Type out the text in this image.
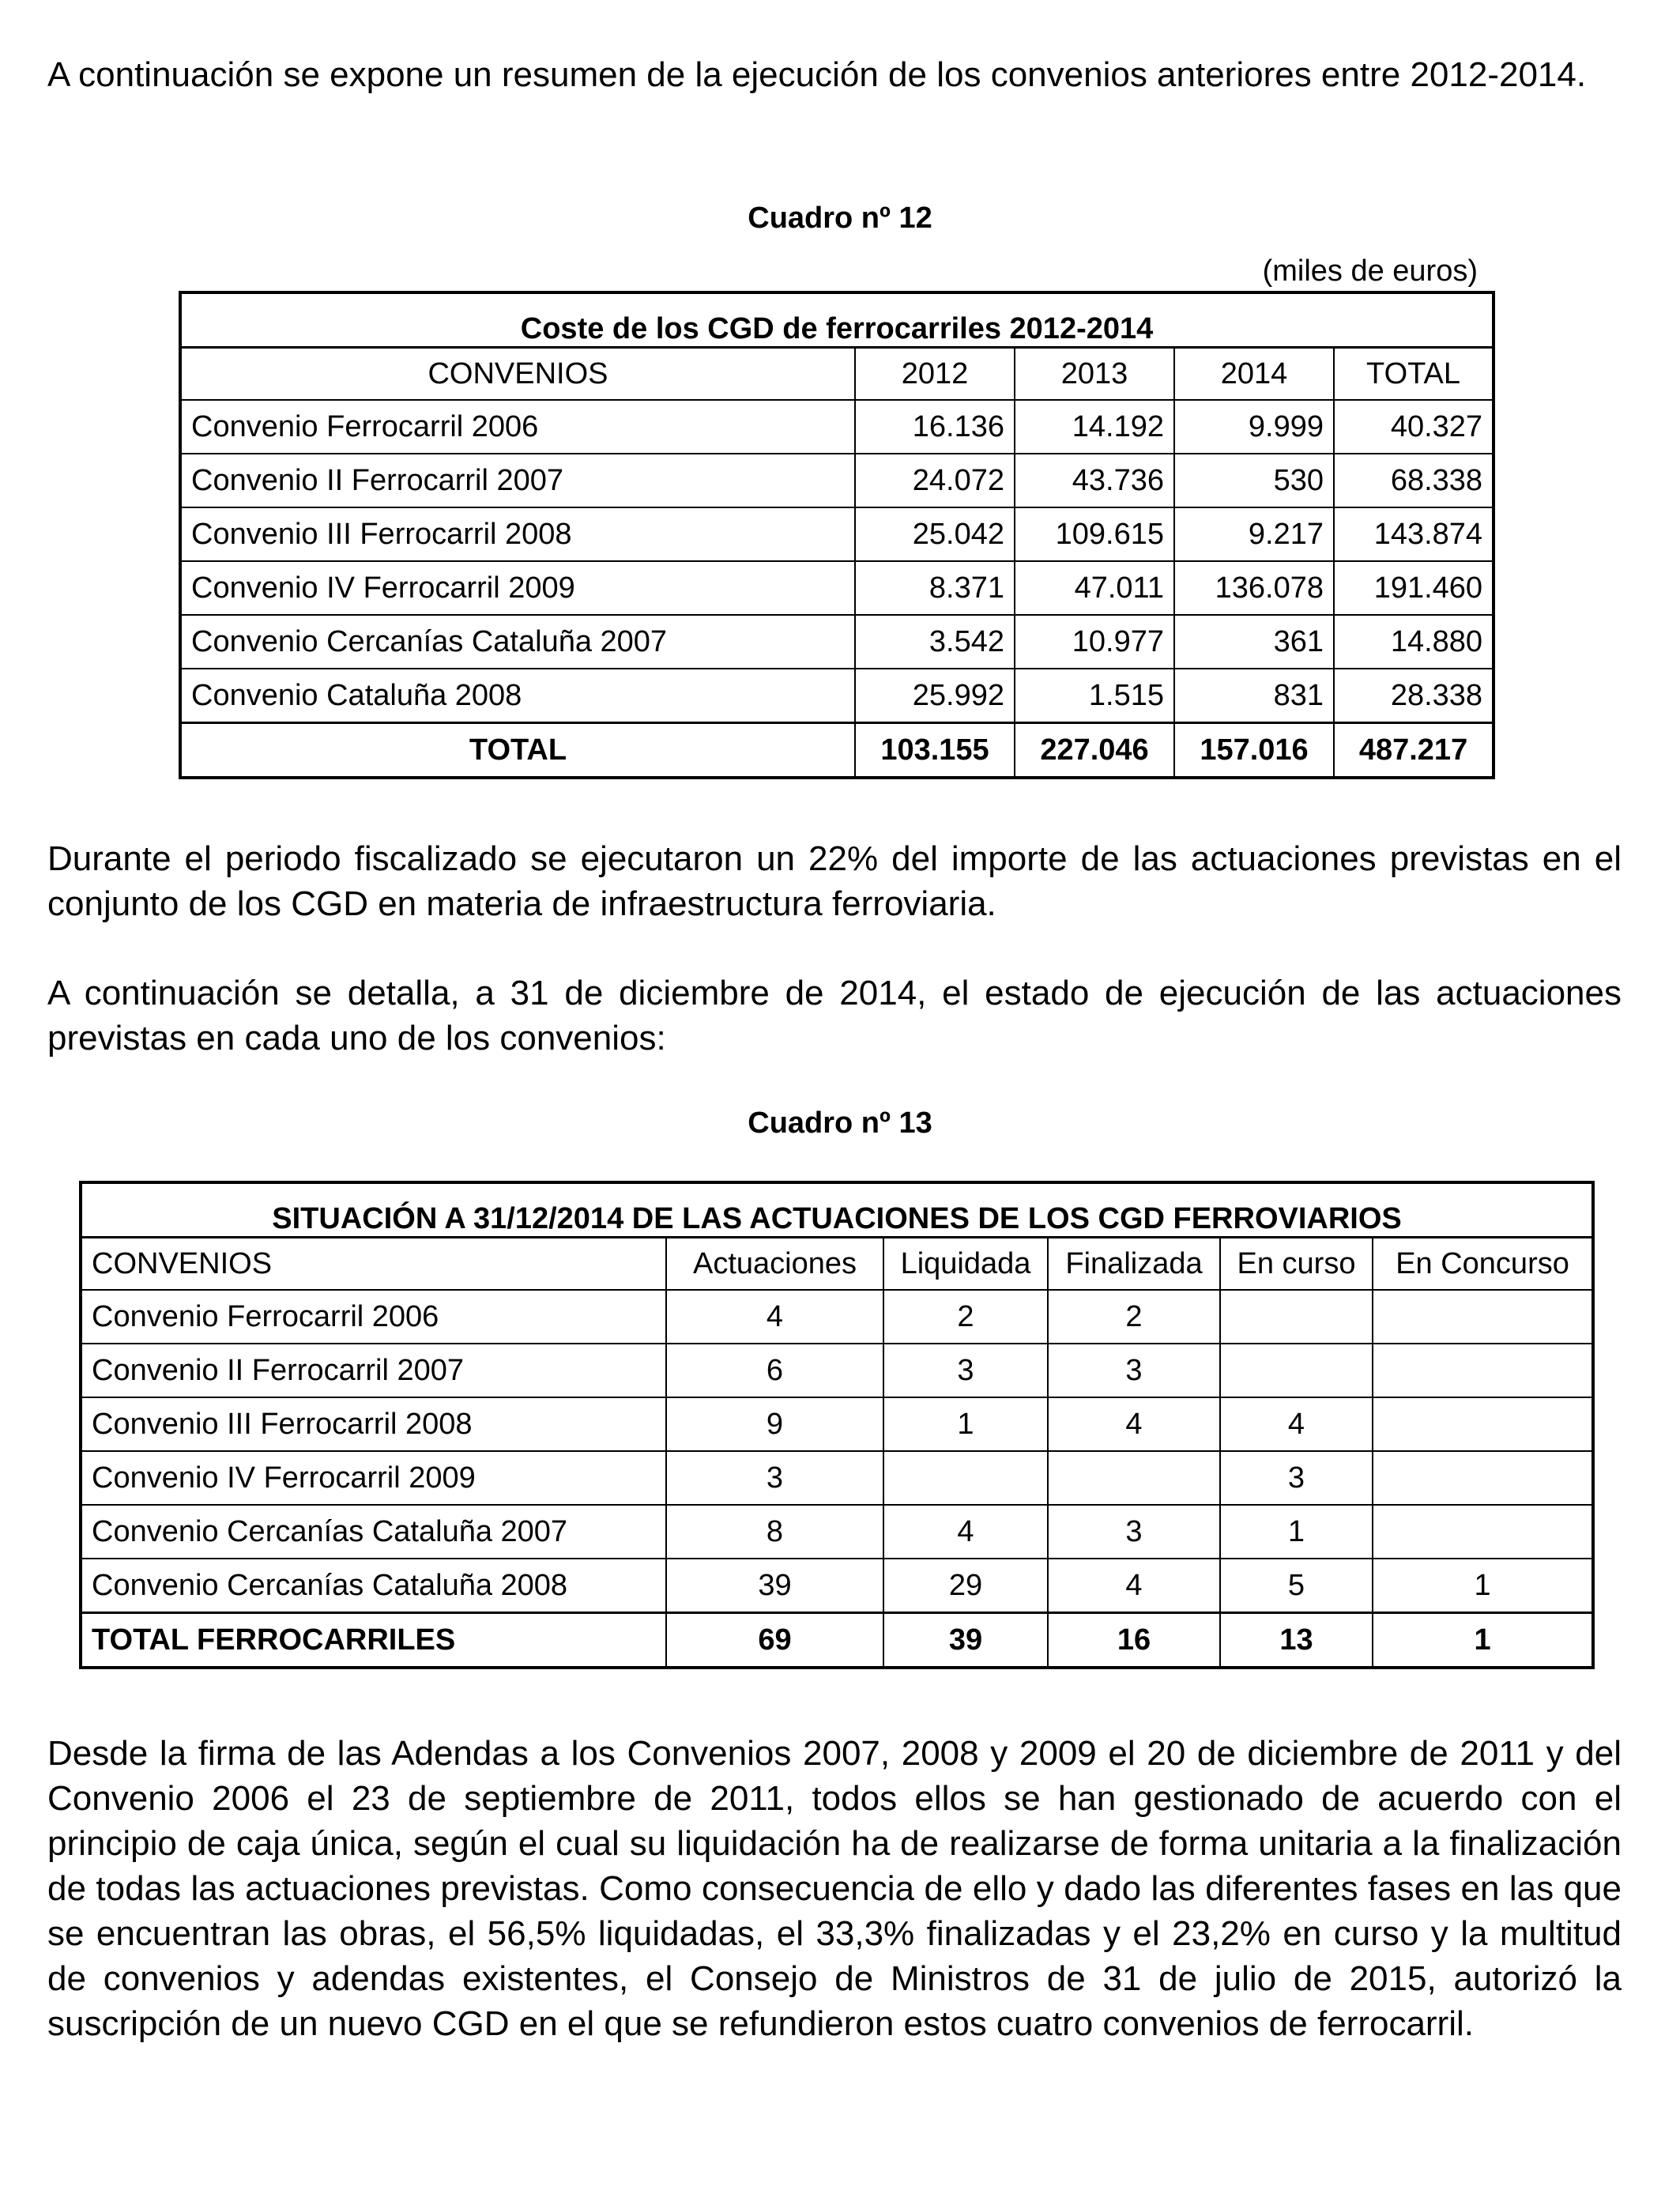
A continuación se expone un resumen de la ejecución de los convenios anteriores entre 2012-2014.

Cuadro nº 12

(miles de euros)

Coste de los CGD de ferrocarriles 2012-2014				
CONVENIOS	2012	2013	2014	TOTAL
Convenio Ferrocarril 2006	16.136	14.192	9.999	40.327
Convenio II Ferrocarril 2007	24.072	43.736	530	68.338
Convenio III Ferrocarril 2008	25.042	109.615	9.217	143.874
Convenio IV Ferrocarril 2009	8.371	47.011	136.078	191.460
Convenio Cercanías Cataluña 2007	3.542	10.977	361	14.880
Convenio Cataluña 2008	25.992	1.515	831	28.338
TOTAL	103.155	227.046	157.016	487.217

Durante el periodo fiscalizado se ejecutaron un 22% del importe de las actuaciones previstas en el conjunto de los CGD en materia de infraestructura ferroviaria.

A continuación se detalla, a 31 de diciembre de 2014, el estado de ejecución de las actuaciones previstas en cada uno de los convenios:

Cuadro nº 13

SITUACIÓN A 31/12/2014 DE LAS ACTUACIONES DE LOS CGD FERROVIARIOS					
CONVENIOS	Actuaciones	Liquidada	Finalizada	En curso	En Concurso
Convenio Ferrocarril 2006	4	2	2		
Convenio II Ferrocarril 2007	6	3	3		
Convenio III Ferrocarril 2008	9	1	4	4	
Convenio IV Ferrocarril 2009	3			3	
Convenio Cercanías Cataluña 2007	8	4	3	1	
Convenio Cercanías Cataluña 2008	39	29	4	5	1
TOTAL FERROCARRILES	69	39	16	13	1

Desde la firma de las Adendas a los Convenios 2007, 2008 y 2009 el 20 de diciembre de 2011 y del Convenio 2006 el 23 de septiembre de 2011, todos ellos se han gestionado de acuerdo con el principio de caja única, según el cual su liquidación ha de realizarse de forma unitaria a la finalización de todas las actuaciones previstas. Como consecuencia de ello y dado las diferentes fases en las que se encuentran las obras, el 56,5% liquidadas, el 33,3% finalizadas y el 23,2% en curso y la multitud de convenios y adendas existentes, el Consejo de Ministros de 31 de julio de 2015, autorizó la suscripción de un nuevo CGD en el que se refundieron estos cuatro convenios de ferrocarril.
